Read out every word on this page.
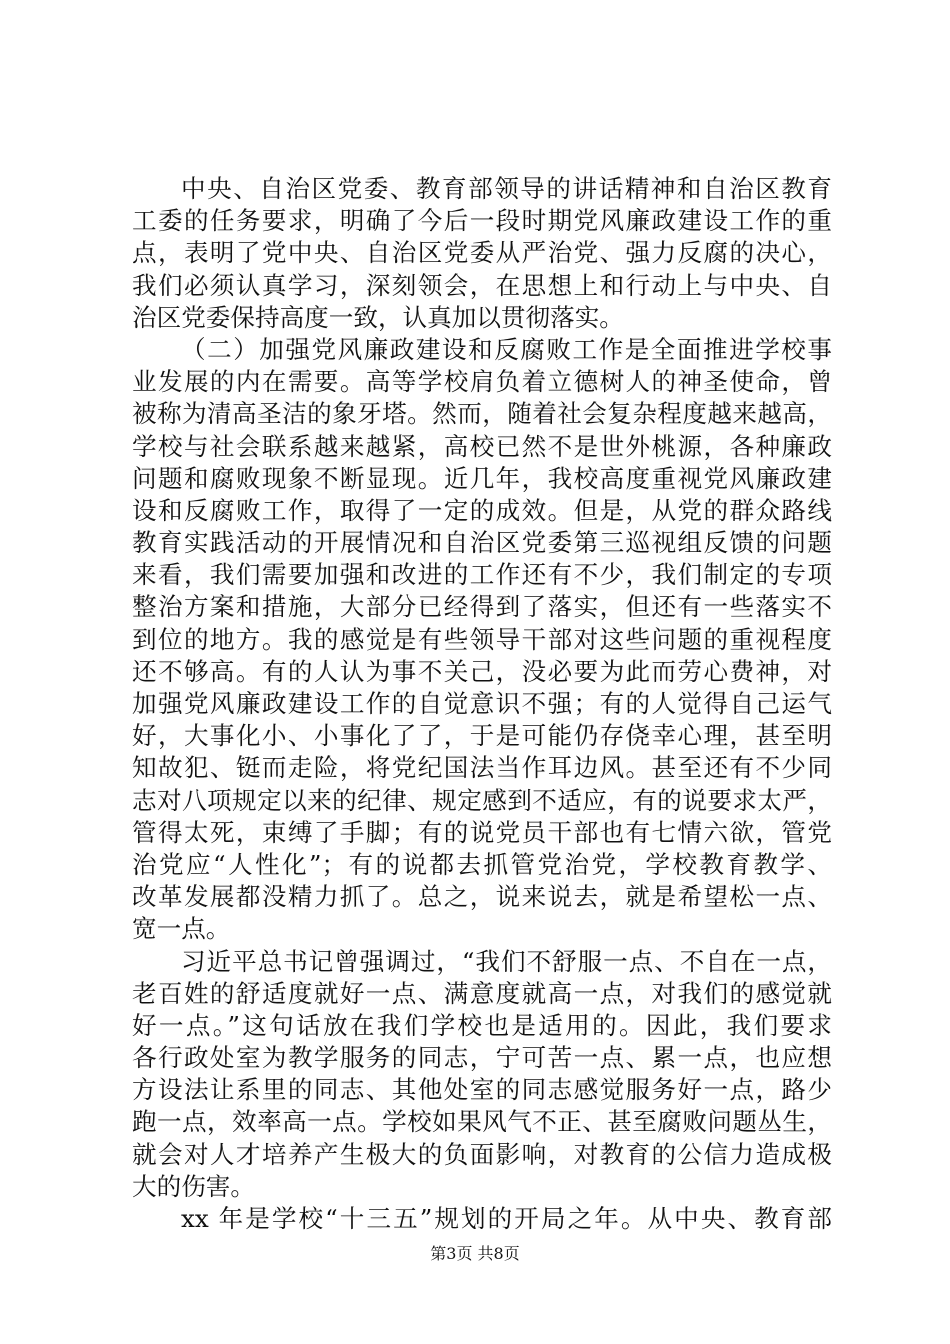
中央、自治区党委、教育部领导的讲话精神和自治区教育
工委的任务要求，明确了今后一段时期党风廉政建设工作的重
点，表明了党中央、自治区党委从严治党、强力反腐的决心，
我们必须认真学习，深刻领会，在思想上和行动上与中央、自
治区党委保持高度一致，认真加以贯彻落实。
（二）加强党风廉政建设和反腐败工作是全面推进学校事
业发展的内在需要。高等学校肩负着立德树人的神圣使命，曾
被称为清高圣洁的象牙塔。然而，随着社会复杂程度越来越高，
学校与社会联系越来越紧，高校已然不是世外桃源，各种廉政
问题和腐败现象不断显现。近几年，我校高度重视党风廉政建
设和反腐败工作，取得了一定的成效。但是，从党的群众路线
教育实践活动的开展情况和自治区党委第三巡视组反馈的问题
来看，我们需要加强和改进的工作还有不少，我们制定的专项
整治方案和措施，大部分已经得到了落实，但还有一些落实不
到位的地方。我的感觉是有些领导干部对这些问题的重视程度
还不够高。有的人认为事不关己，没必要为此而劳心费神，对
加强党风廉政建设工作的自觉意识不强；有的人觉得自己运气
好，大事化小、小事化了了，于是可能仍存侥幸心理，甚至明
知故犯、铤而走险，将党纪国法当作耳边风。甚至还有不少同
志对八项规定以来的纪律、规定感到不适应，有的说要求太严，
管得太死，束缚了手脚；有的说党员干部也有七情六欲，管党
治党应“人性化”；有的说都去抓管党治党，学校教育教学、
改革发展都没精力抓了。总之，说来说去，就是希望松一点、
宽一点。
习近平总书记曾强调过，“我们不舒服一点、不自在一点，
老百姓的舒适度就好一点、满意度就高一点，对我们的感觉就
好一点。”这句话放在我们学校也是适用的。因此，我们要求
各行政处室为教学服务的同志，宁可苦一点、累一点，也应想
方设法让系里的同志、其他处室的同志感觉服务好一点，路少
跑一点，效率高一点。学校如果风气不正、甚至腐败问题丛生，
就会对人才培养产生极大的负面影响，对教育的公信力造成极
大的伤害。
xx 年是学校“十三五”规划的开局之年。从中央、教育部
第3页 共8页
